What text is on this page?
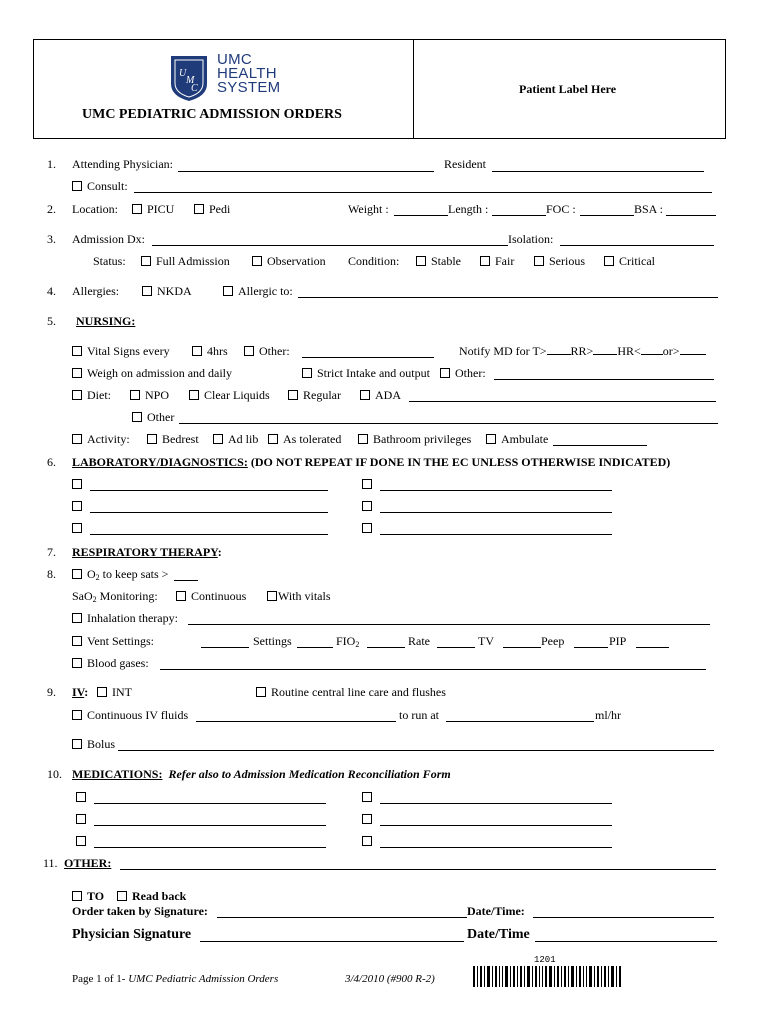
U
M
C
UMC
HEALTH
SYSTEM
UMC PEDIATRIC ADMISSION ORDERS
Patient Label Here
1. Attending Physician:	Resident
Consult:
2. Location:	PICU	Pedi	Weight :	Length :	FOC :	BSA :
3. Admission Dx:	Isolation:
Status:	Full Admission	Observation Condition:	Stable	Fair	Serious	Critical
4. Allergies:	NKDA	Allergic to:
5. NURSING:
Vital Signs every	4hrs	Other:	Notify MD for T> RR> HR< or>
Weigh on admission and daily	Strict Intake and output	Other:
Diet:	NPO	Clear Liquids	Regular	ADA
Other
Activity:	Bedrest	Ad lib	As tolerated	Bathroom privileges	Ambulate
6. LABORATORY/DIAGNOSTICS: (DO NOT REPEAT IF DONE IN THE EC UNLESS OTHERWISE INDICATED)
7. RESPIRATORY THERAPY:
8.	$O_2$ to keep sats >
SaO$_2$ Monitoring:	Continuous	With vitals
Inhalation therapy:
Vent Settings:	Settings	$FIO_2$	Rate	TV	Peep	PIP
Blood gases:
9. IV:	INT	Routine central line care and flushes
Continuous IV fluids	to run at	ml/hr
Bolus
10. MEDICATIONS: Refer also to Admission Medication Reconciliation Form
11. OTHER:
TO	Read back
Order taken by Signature:	Date/Time:
Physician Signature	Date/Time
Page 1 of 1- UMC Pediatric Admission Orders	3/4/2010 (#900 R-2)
1201
